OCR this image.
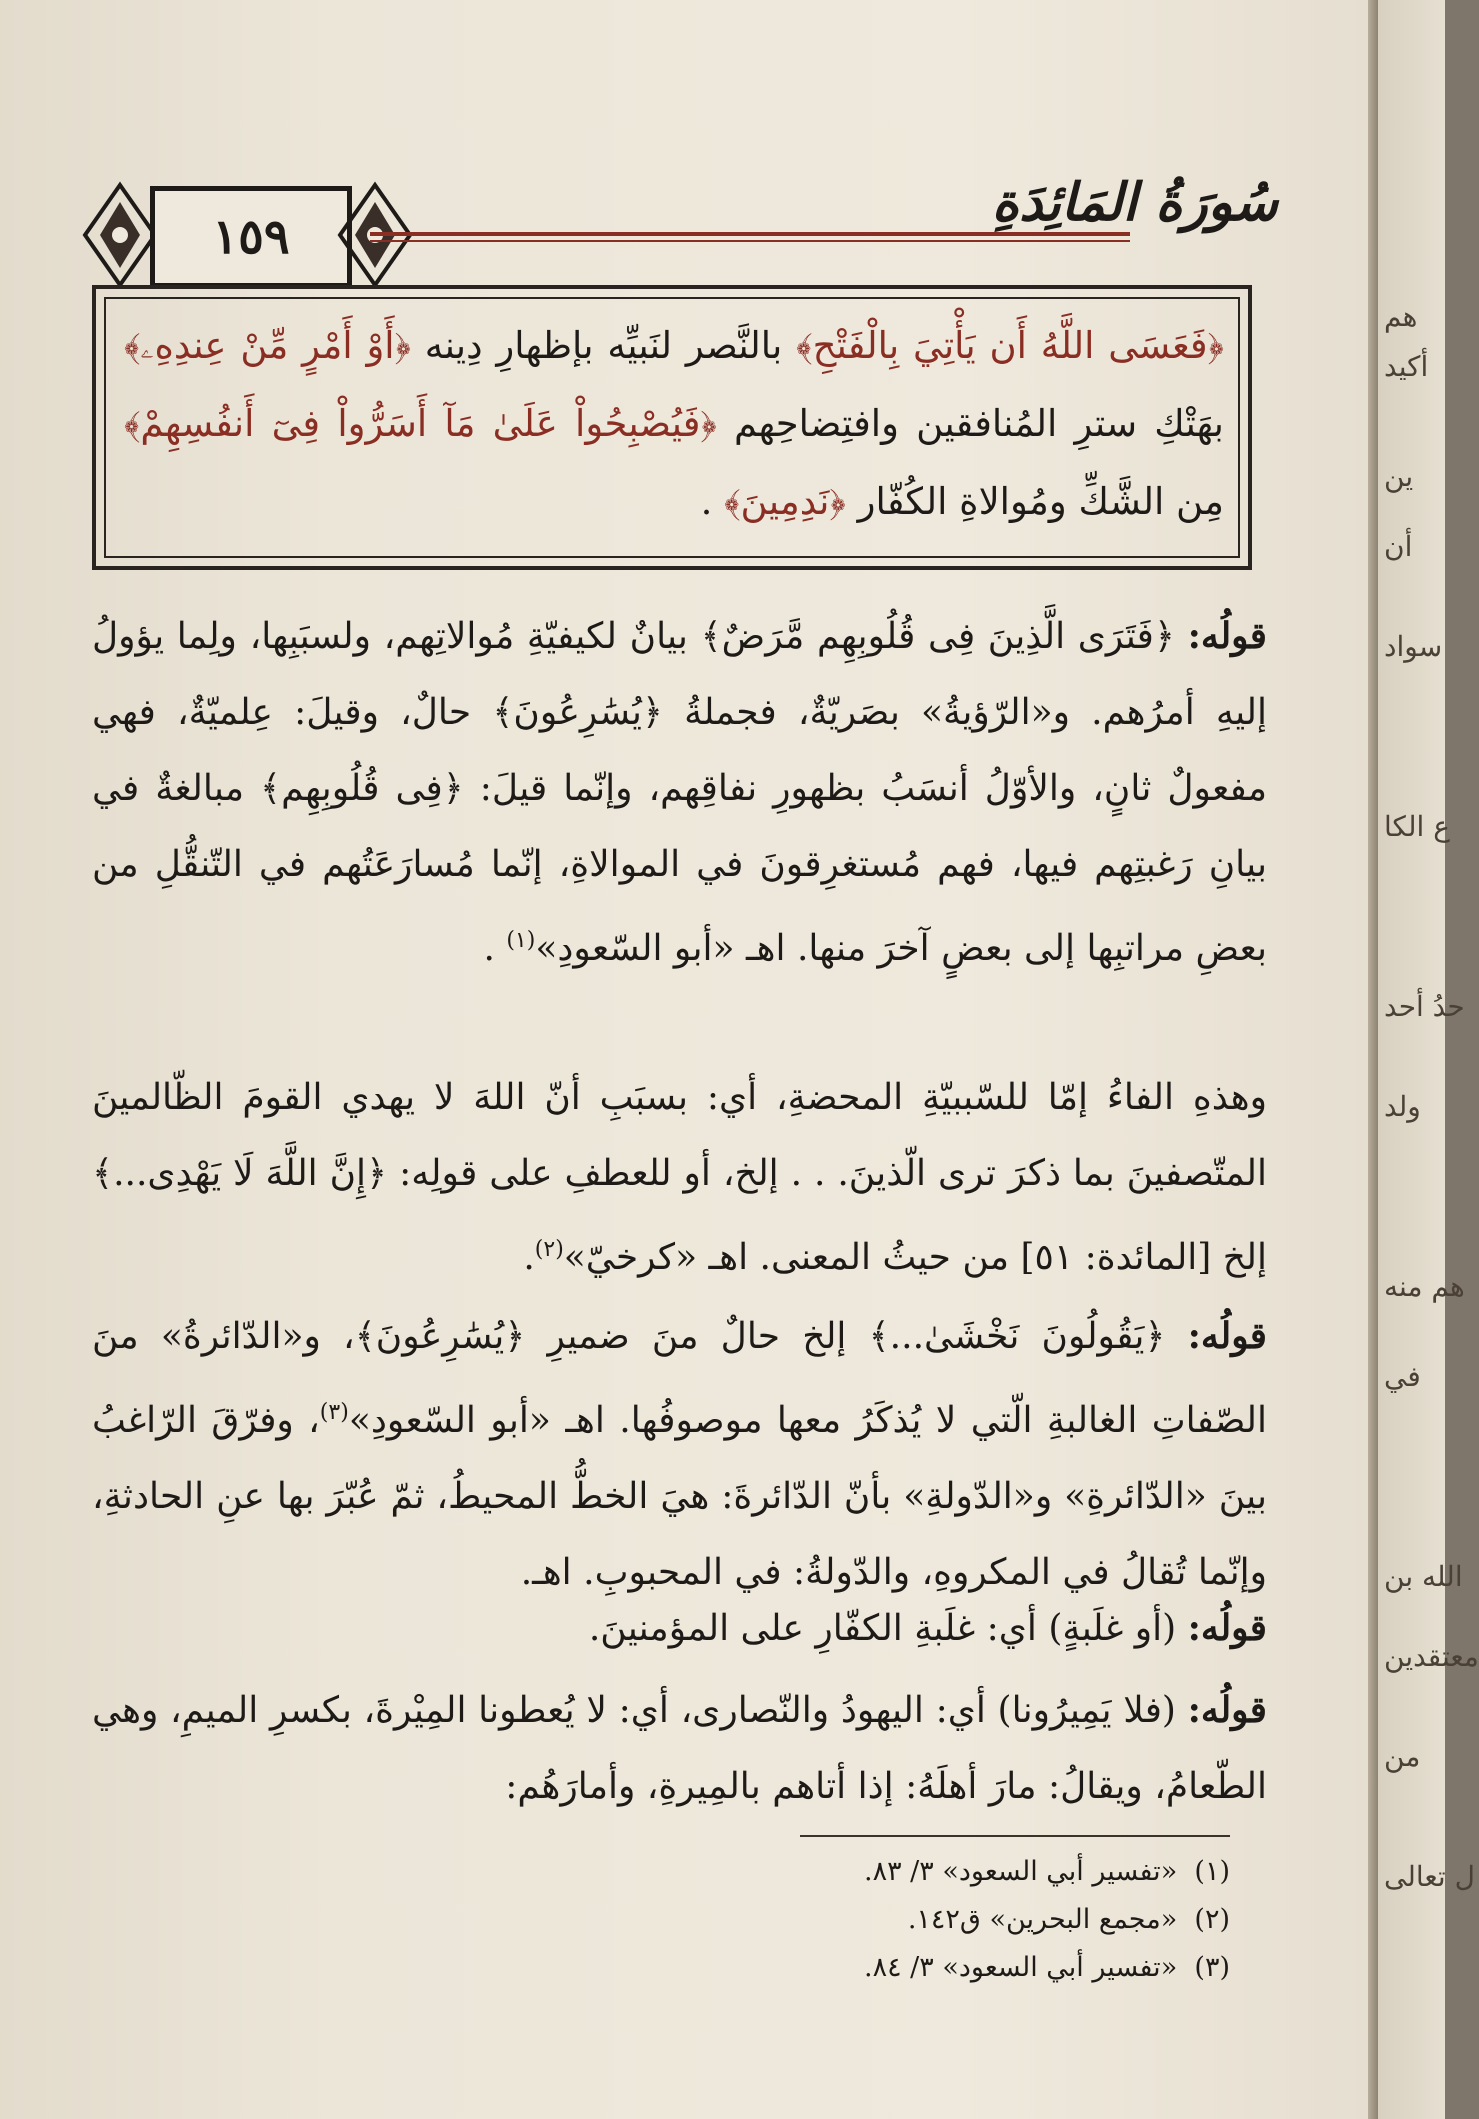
١٥٩
سُورَةُ المَائِدَةِ
﴿فَعَسَى اللَّهُ أَن يَأْتِيَ بِالْفَتْحِ﴾ بالنَّصر لنَبيِّه بإظهارِ دِينه ﴿أَوْ أَمْرٍ مِّنْ عِندِهِۦ﴾ بهَتْكِ سترِ المُنافقين وافتِضاحِهم ﴿فَيُصْبِحُواْ عَلَىٰ مَآ أَسَرُّواْ فِىٓ أَنفُسِهِمْ﴾ مِن الشَّكِّ ومُوالاةِ الكُفّار ﴿نَدِمِينَ﴾ .

قولُه: ﴿فَتَرَى الَّذِينَ فِى قُلُوبِهِم مَّرَضٌ﴾ بيانٌ لكيفيّةِ مُوالاتِهم، ولسبَبِها، ولِما يؤولُ إليهِ أمرُهم. و«الرّؤيةُ» بصَريّةٌ، فجملةُ ﴿يُسَٰرِعُونَ﴾ حالٌ، وقيلَ: عِلميّةٌ، فهي مفعولٌ ثانٍ، والأوّلُ أنسَبُ بظهورِ نفاقِهم، وإنّما قيلَ: ﴿فِى قُلُوبِهِم﴾ مبالغةٌ في بيانِ رَغبتِهم فيها، فهم مُستغرِقونَ في الموالاةِ، إنّما مُسارَعَتُهم في التّنقُّلِ من بعضِ مراتبِها إلى بعضٍ آخرَ منها. اهـ «أبو السّعودِ»$^{(١)}$ .

وهذهِ الفاءُ إمّا للسّببيّةِ المحضةِ، أي: بسبَبِ أنّ اللهَ لا يهدي القومَ الظّالمينَ المتّصفينَ بما ذكرَ ترى الّذينَ. . . إلخ، أو للعطفِ على قولِه: ﴿إِنَّ اللَّهَ لَا يَهْدِى...﴾ إلخ [المائدة: ٥١] من حيثُ المعنى. اهـ «كرخيّ»$^{(٢)}$.

قولُه: ﴿يَقُولُونَ نَخْشَىٰ...﴾ إلخ حالٌ منَ ضميرِ ﴿يُسَٰرِعُونَ﴾، و«الدّائرةُ» منَ الصّفاتِ الغالبةِ الّتي لا يُذكَرُ معها موصوفُها. اهـ «أبو السّعودِ»$^{(٣)}$، وفرّقَ الرّاغبُ بينَ «الدّائرةِ» و«الدّولةِ» بأنّ الدّائرةَ: هيَ الخطُّ المحيطُ، ثمّ عُبّرَ بها عنِ الحادثةِ، وإنّما تُقالُ في المكروهِ، والدّولةُ: في المحبوبِ. اهـ.

قولُه: (أو غلَبةٍ) أي: غلَبةِ الكفّارِ على المؤمنينَ.

قولُه: (فلا يَمِيرُونا) أي: اليهودُ والنّصارى، أي: لا يُعطونا المِيْرةَ، بكسرِ الميمِ، وهي الطّعامُ، ويقالُ: مارَ أهلَهُ: إذا أتاهم بالمِيرةِ، وأمارَهُم:

(١)  «تفسير أبي السعود» ٣/ ٨٣.
(٢)  «مجمع البحرين» ق١٤٢.
(٣)  «تفسير أبي السعود» ٣/ ٨٤.
هم
أكيد
ين
أن
سواد
ع الكا
حدُ أحد
ولد
هم منه
في
الله بن
معتقدين
من
ل تعالى
